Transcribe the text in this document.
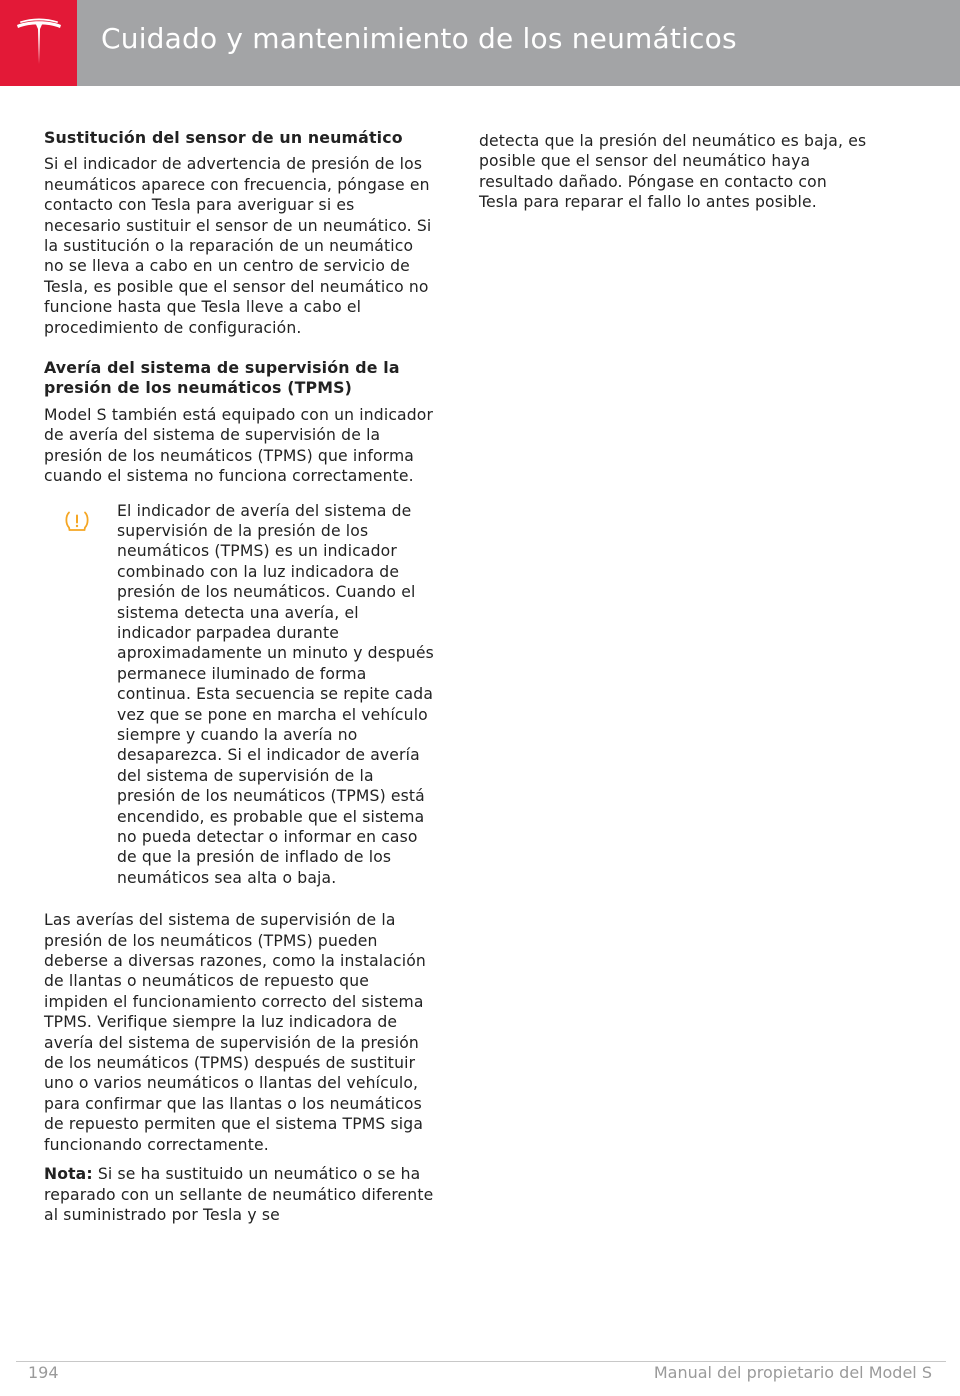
Cuidado y mantenimiento de los neumáticos
Sustitución del sensor de un neumático

Si el indicador de advertencia de presión de los neumáticos aparece con frecuencia, póngase en contacto con Tesla para averiguar si es necesario sustituir el sensor de un neumático. Si la sustitución o la reparación de un neumático no se lleva a cabo en un centro de servicio de Tesla, es posible que el sensor del neumático no funcione hasta que Tesla lleve a cabo el procedimiento de configuración.

Avería del sistema de supervisión de la presión de los neumáticos (TPMS)

Model S también está equipado con un indicador de avería del sistema de supervisión de la presión de los neumáticos (TPMS) que informa cuando el sistema no funciona correctamente.

El indicador de avería del sistema de supervisión de la presión de los neumáticos (TPMS) es un indicador combinado con la luz indicadora de presión de los neumáticos. Cuando el sistema detecta una avería, el indicador parpadea durante aproximadamente un minuto y después permanece iluminado de forma continua. Esta secuencia se repite cada vez que se pone en marcha el vehículo siempre y cuando la avería no desaparezca. Si el indicador de avería del sistema de supervisión de la presión de los neumáticos (TPMS) está encendido, es probable que el sistema no pueda detectar o informar en caso de que la presión de inflado de los neumáticos sea alta o baja.

Las averías del sistema de supervisión de la presión de los neumáticos (TPMS) pueden deberse a diversas razones, como la instalación de llantas o neumáticos de repuesto que impiden el funcionamiento correcto del sistema TPMS. Verifique siempre la luz indicadora de avería del sistema de supervisión de la presión de los neumáticos (TPMS) después de sustituir uno o varios neumáticos o llantas del vehículo, para confirmar que las llantas o los neumáticos de repuesto permiten que el sistema TPMS siga funcionando correctamente.

Nota: Si se ha sustituido un neumático o se ha reparado con un sellante de neumático diferente al suministrado por Tesla y se

detecta que la presión del neumático es baja, es posible que el sensor del neumático haya resultado dañado. Póngase en contacto con Tesla para reparar el fallo lo antes posible.

194	Manual del propietario del Model S
